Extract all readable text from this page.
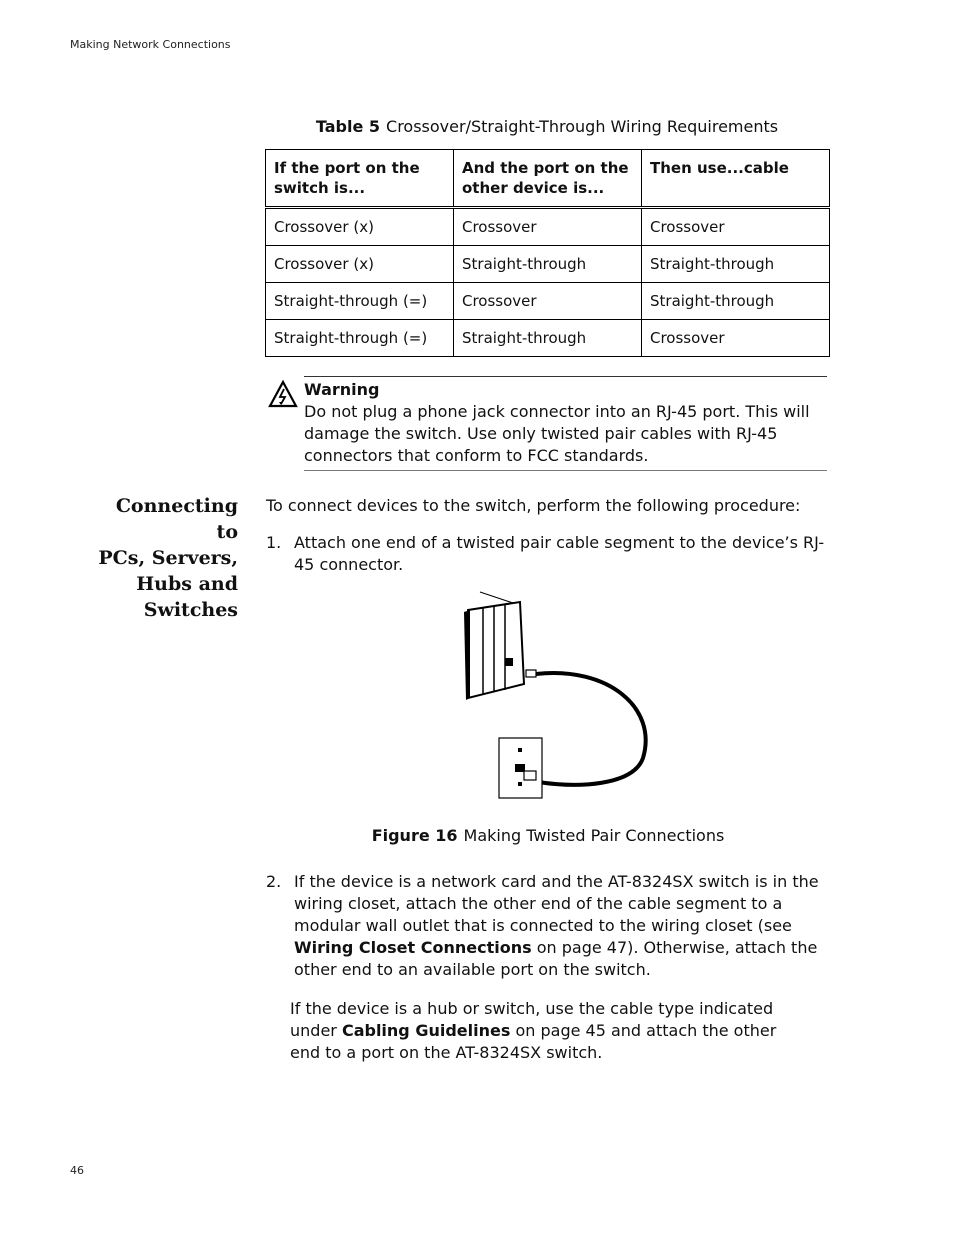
Making Network Connections
Table 5 Crossover/Straight-Through Wiring Requirements
If the port on the switch is...	And the port on the other device is...	Then use...cable
Crossover (x)	Crossover	Crossover
Crossover (x)	Straight-through	Straight-through
Straight-through (=)	Crossover	Straight-through
Straight-through (=)	Straight-through	Crossover
Warning
Do not plug a phone jack connector into an RJ-45 port. This will damage the switch. Use only twisted pair cables with RJ-45 connectors that conform to FCC standards.
Connecting to
PCs, Servers,
Hubs and
Switches
To connect devices to the switch, perform the following procedure:
1. Attach one end of a twisted pair cable segment to the device’s RJ-45 connector.
Figure 16 Making Twisted Pair Connections
2. If the device is a network card and the AT-8324SX switch is in the wiring closet, attach the other end of the cable segment to a modular wall outlet that is connected to the wiring closet (see Wiring Closet Connections on page 47). Otherwise, attach the other end to an available port on the switch.
If the device is a hub or switch, use the cable type indicated under Cabling Guidelines on page 45 and attach the other end to a port on the AT-8324SX switch.
46
